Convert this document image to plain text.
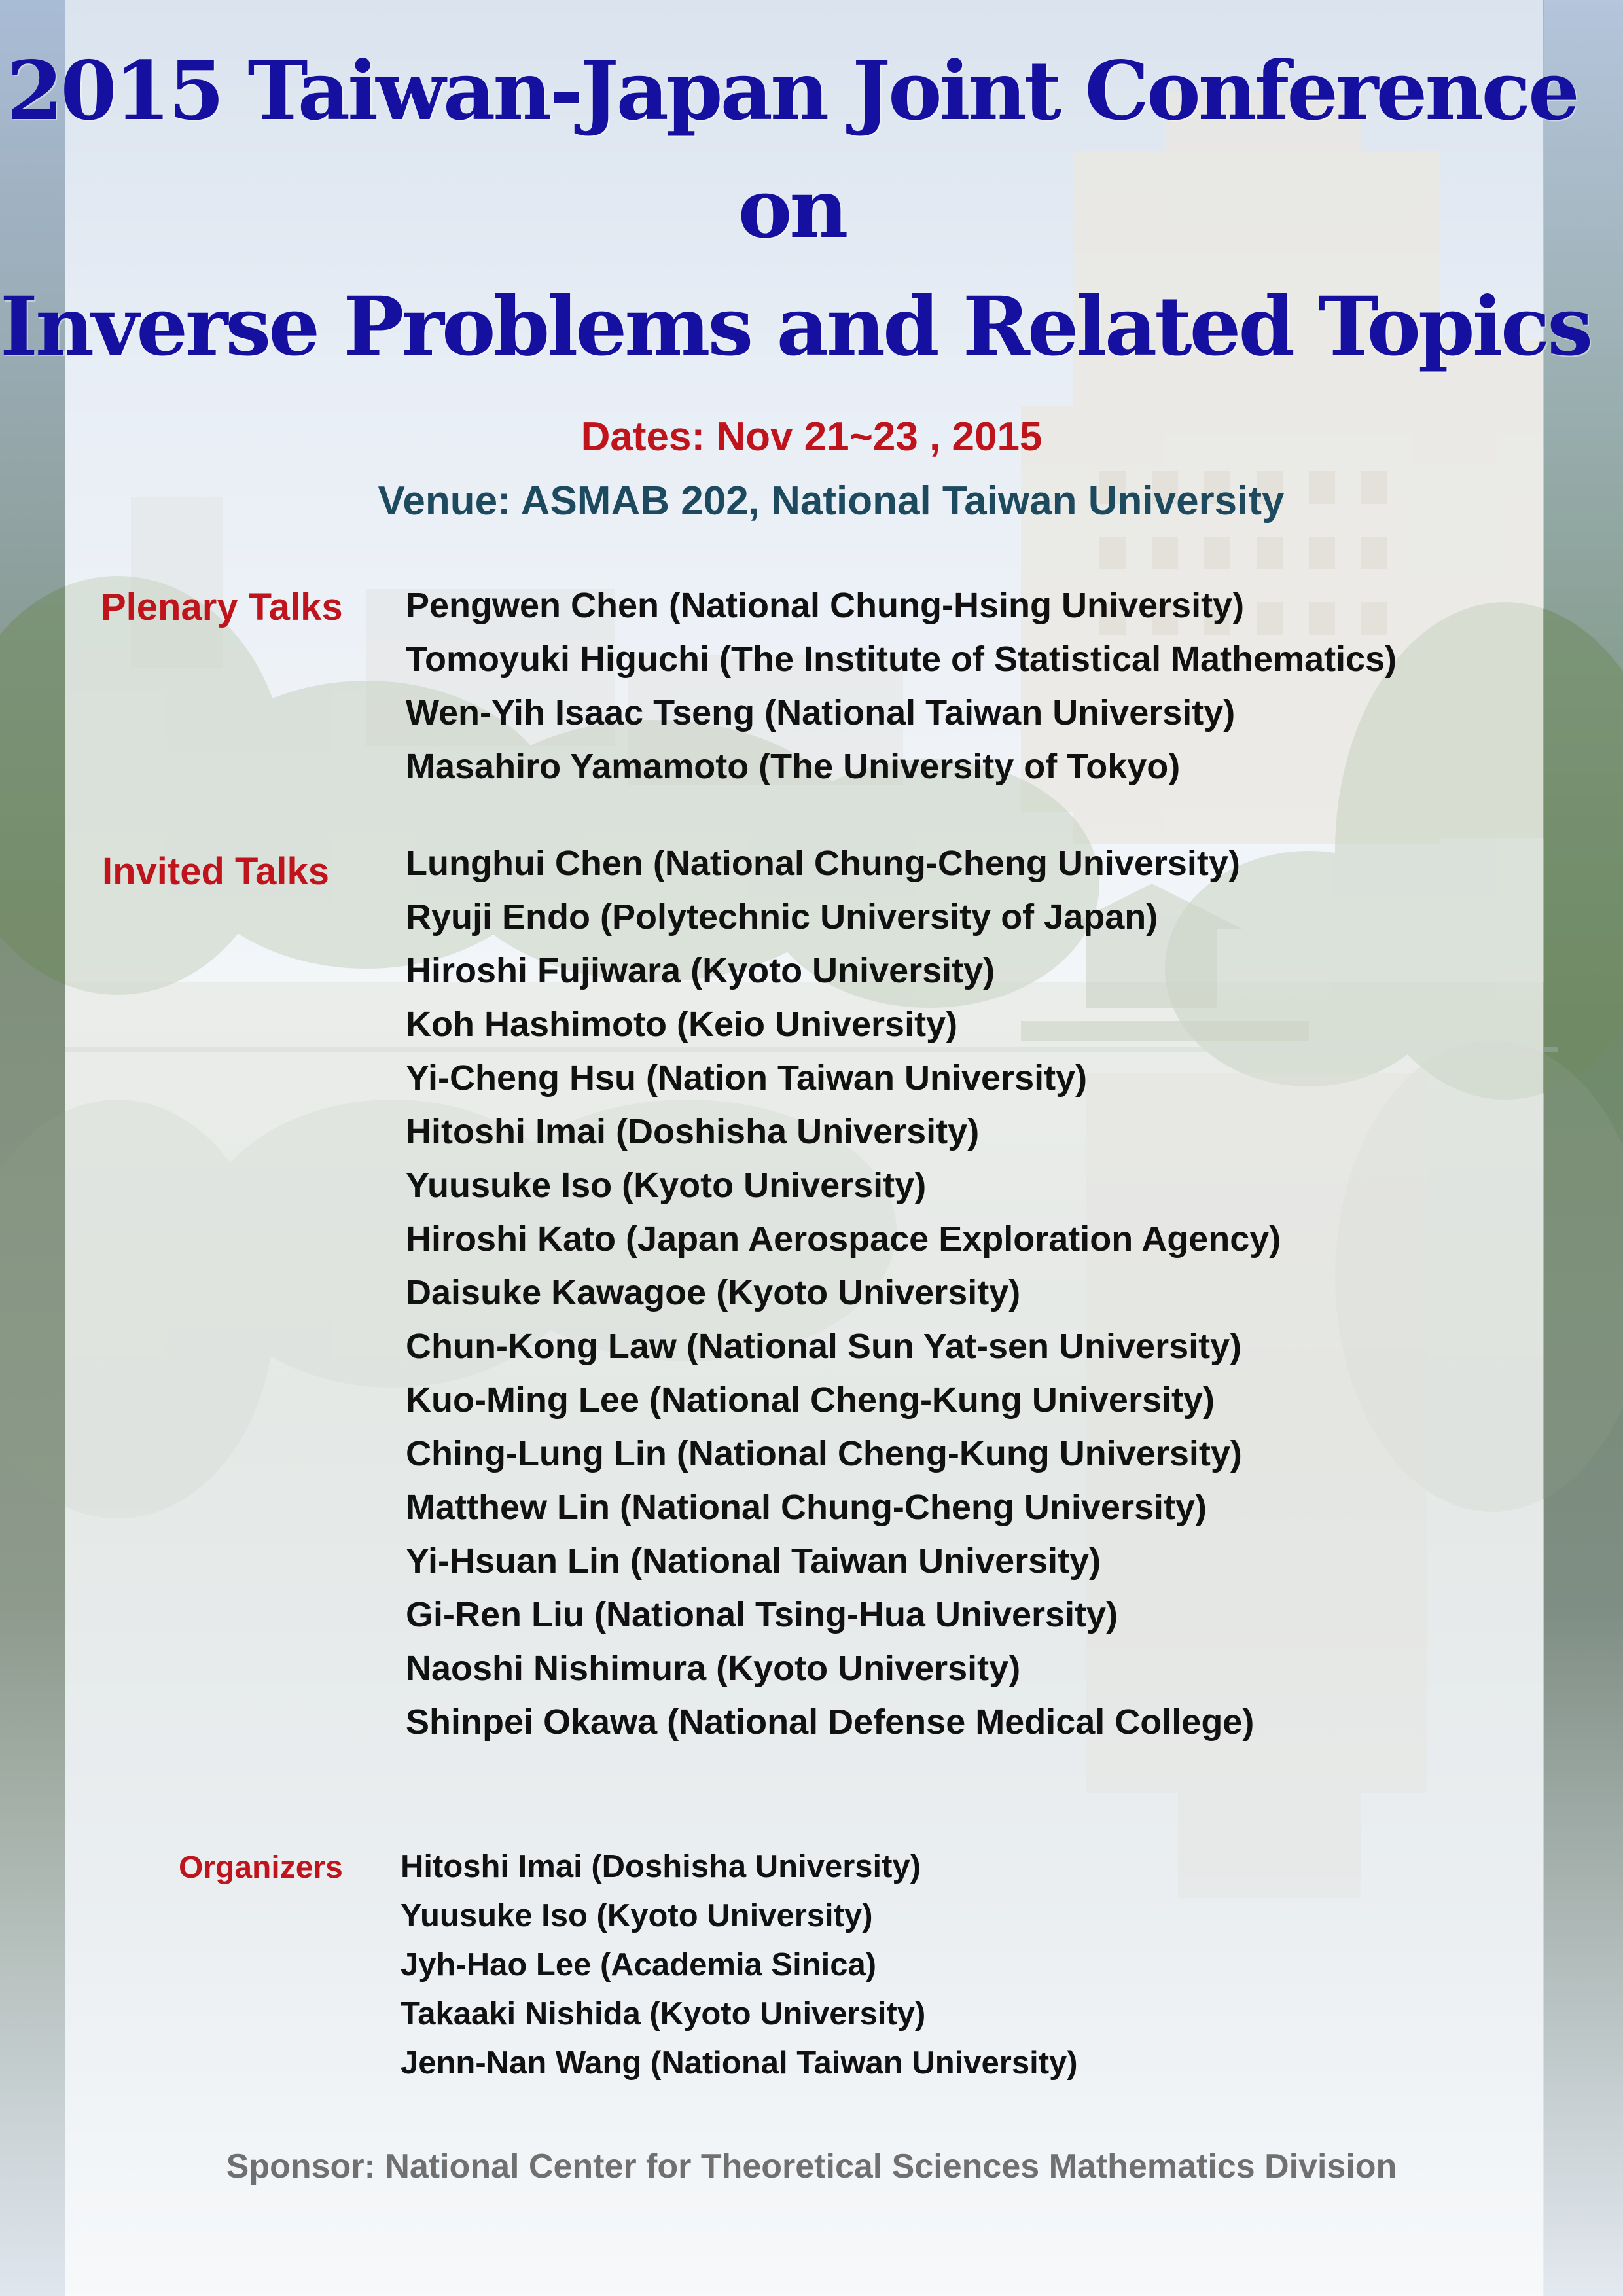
2015 Taiwan-Japan Joint Conference
on
Inverse Problems and Related Topics
Dates: Nov 21~23 , 2015
Venue: ASMAB 202, National Taiwan University
Plenary Talks Pengwen Chen (National Chung-Hsing University)
Tomoyuki Higuchi (The Institute of Statistical Mathematics)
Wen-Yih Isaac Tseng (National Taiwan University)
Masahiro Yamamoto (The University of Tokyo)
Invited Talks Lunghui Chen (National Chung-Cheng University)
Ryuji Endo (Polytechnic University of Japan)
Hiroshi Fujiwara (Kyoto University)
Koh Hashimoto (Keio University)
Yi-Cheng Hsu (Nation Taiwan University)
Hitoshi Imai (Doshisha University)
Yuusuke Iso (Kyoto University)
Hiroshi Kato (Japan Aerospace Exploration Agency)
Daisuke Kawagoe (Kyoto University)
Chun-Kong Law (National Sun Yat-sen University)
Kuo-Ming Lee (National Cheng-Kung University)
Ching-Lung Lin (National Cheng-Kung University)
Matthew Lin (National Chung-Cheng University)
Yi-Hsuan Lin (National Taiwan University)
Gi-Ren Liu (National Tsing-Hua University)
Naoshi Nishimura (Kyoto University)
Shinpei Okawa (National Defense Medical College)
Organizers Hitoshi Imai (Doshisha University)
Yuusuke Iso (Kyoto University)
Jyh-Hao Lee (Academia Sinica)
Takaaki Nishida (Kyoto University)
Jenn-Nan Wang (National Taiwan University)
Sponsor: National Center for Theoretical Sciences Mathematics Division
